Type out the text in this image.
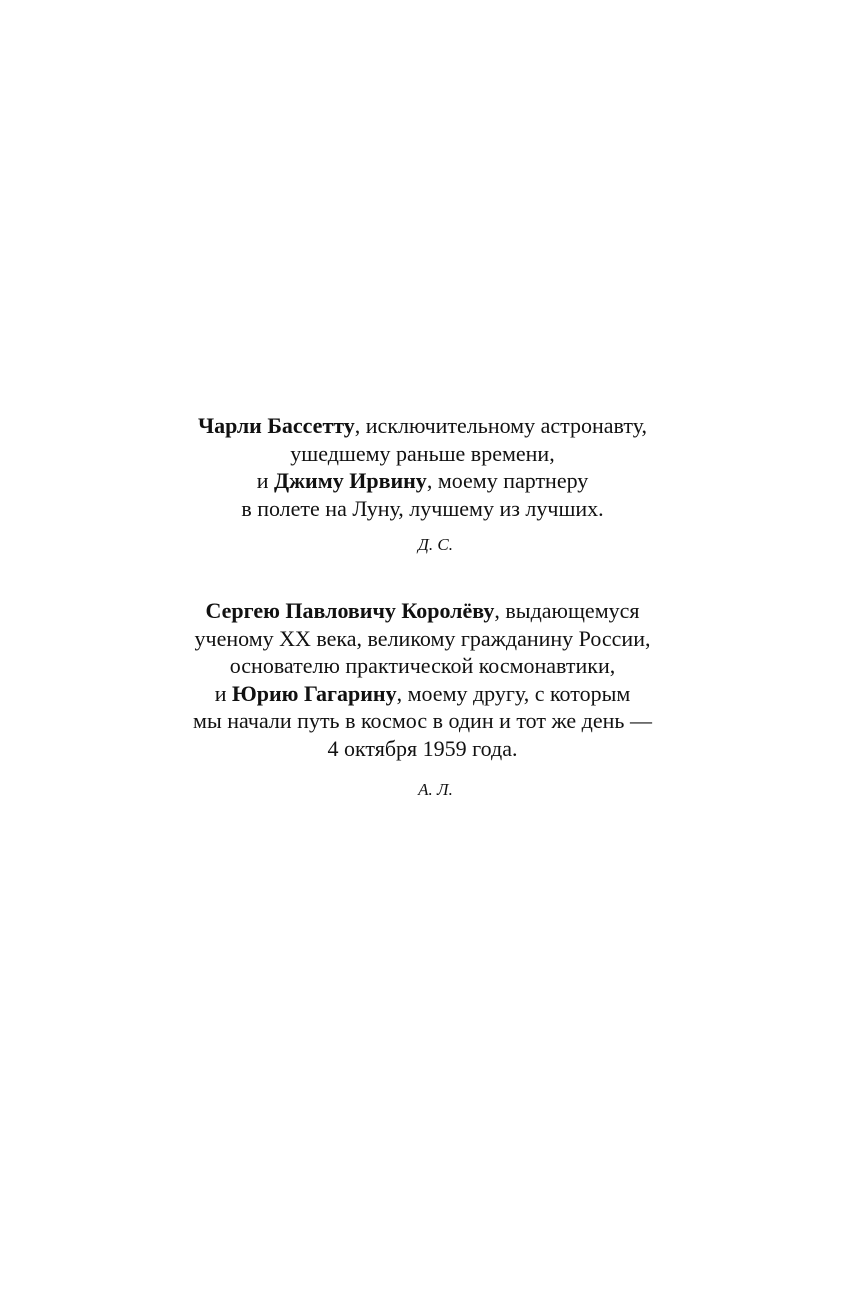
Чарли Бассетту, исключительному астронавту,
ушедшему раньше времени,
и Джиму Ирвину, моему партнеру
в полете на Луну, лучшему из лучших.
Д. С.
Сергею Павловичу Королёву, выдающемуся
ученому XX века, великому гражданину России,
основателю практической космонавтики,
и Юрию Гагарину, моему другу, с которым
мы начали путь в космос в один и тот же день —
4 октября 1959 года.
А. Л.
